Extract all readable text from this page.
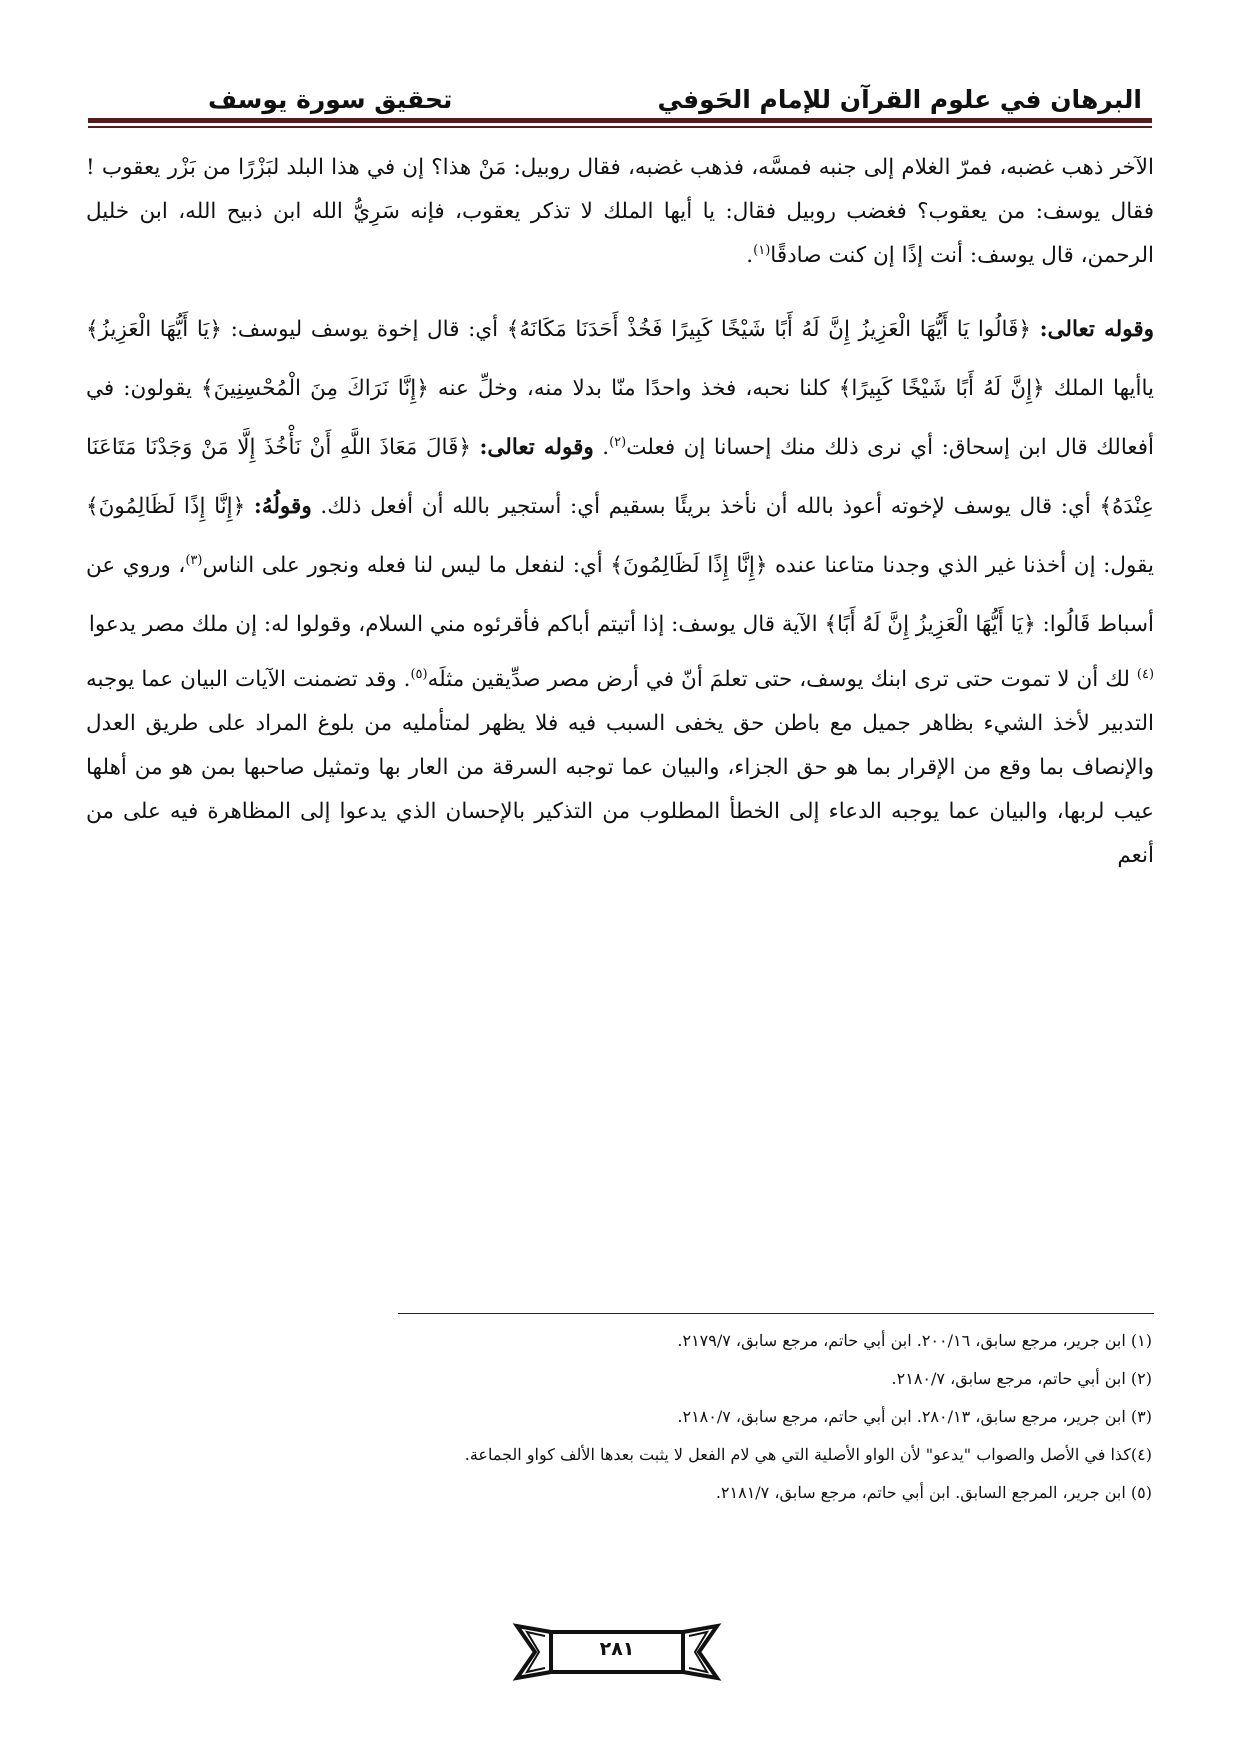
البرهان في علوم القرآن للإمام الحَوفي
تحقيق سورة يوسف

الآخر ذهب غضبه، فمرّ الغلام إلى جنبه فمسَّه، فذهب غضبه، فقال روبيل: مَنْ هذا؟ إن في هذا البلد لبَزْرًا من بَزْر يعقوب ! فقال يوسف: من يعقوب؟ فغضب روبيل فقال: يا أيها الملك لا تذكر يعقوب، فإنه سَرِيُّ الله ابن ذبيح الله، ابن خليل الرحمن، قال يوسف: أنت إذًا إن كنت صادقًا$^{(١)}$.

وقوله تعالى: ﴿قَالُوا يَا أَيُّهَا الْعَزِيزُ إِنَّ لَهُ أَبًا شَيْخًا كَبِيرًا فَخُذْ أَحَدَنَا مَكَانَهُ﴾ أي: قال إخوة يوسف ليوسف: ﴿يَا أَيُّهَا الْعَزِيزُ﴾ ياأيها الملك ﴿إِنَّ لَهُ أَبًا شَيْخًا كَبِيرًا﴾ كلنا نحبه، فخذ واحدًا منّا بدلا منه، وخلِّ عنه ﴿إِنَّا نَرَاكَ مِنَ الْمُحْسِنِينَ﴾ يقولون: في أفعالك قال ابن إسحاق: أي نرى ذلك منك إحسانا إن فعلت$^{(٢)}$. وقوله تعالى: ﴿قَالَ مَعَاذَ اللَّهِ أَنْ نَأْخُذَ إِلَّا مَنْ وَجَدْنَا مَتَاعَنَا عِنْدَهُ﴾ أي: قال يوسف لإخوته أعوذ بالله أن نأخذ بريئًا بسقيم أي: أستجير بالله أن أفعل ذلك. وقولُهُ: ﴿إِنَّا إِذًا لَظَالِمُونَ﴾ يقول: إن أخذنا غير الذي وجدنا متاعنا عنده ﴿إِنَّا إِذًا لَظَالِمُونَ﴾ أي: لنفعل ما ليس لنا فعله ونجور على الناس$^{(٣)}$، وروي عن أسباط قَالُوا: ﴿يَا أَيُّهَا الْعَزِيزُ إِنَّ لَهُ أَبًا﴾ الآية قال يوسف: إذا أتيتم أباكم فأقرئوه مني السلام، وقولوا له: إن ملك مصر يدعوا

$^{(٤)}$ لك أن لا تموت حتى ترى ابنك يوسف، حتى تعلمَ أنّ في أرض مصر صدِّيقين مثلَه$^{(٥)}$. وقد تضمنت الآيات البيان عما يوجبه التدبير لأخذ الشيء بظاهر جميل مع باطن حق يخفى السبب فيه فلا يظهر لمتأمليه من بلوغ المراد على طريق العدل والإنصاف بما وقع من الإقرار بما هو حق الجزاء، والبيان عما توجبه السرقة من العار بها وتمثيل صاحبها بمن هو من أهلها عيب لربها، والبيان عما يوجبه الدعاء إلى الخطأ المطلوب من التذكير بالإحسان الذي يدعوا إلى المظاهرة فيه على من أنعم

(١) ابن جرير، مرجع سابق، ٢٠٠/١٦. ابن أبي حاتم، مرجع سابق، ٢١٧٩/٧.
(٢) ابن أبي حاتم، مرجع سابق، ٢١٨٠/٧.
(٣) ابن جرير، مرجع سابق، ٢٨٠/١٣. ابن أبي حاتم، مرجع سابق، ٢١٨٠/٧.
(٤)كذا في الأصل والصواب "يدعو" لأن الواو الأصلية التي هي لام الفعل لا يثبت بعدها الألف كواو الجماعة.
(٥) ابن جرير، المرجع السابق. ابن أبي حاتم، مرجع سابق، ٢١٨١/٧.
٢٨١
